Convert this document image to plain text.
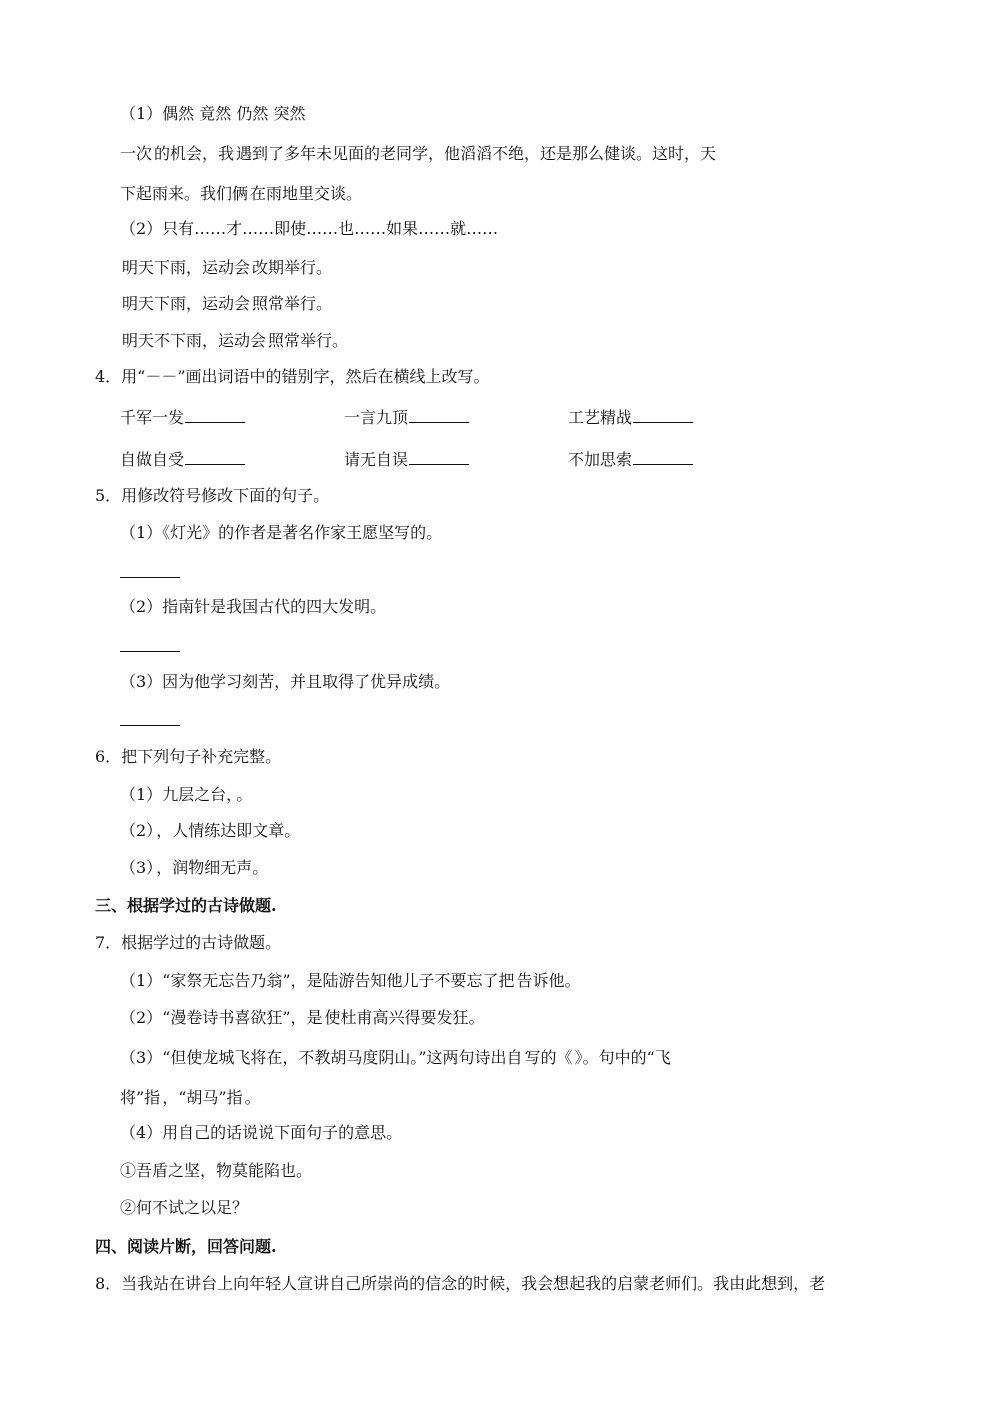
（1）偶然 竟然 仍然 突然
一次 的机会，我 遇到了多年未见面的老同学，他滔滔不绝，还是那么健谈。这时，天
下起雨来。我们俩 在雨地里交谈。
（2）只有……才……即使……也……如果……就……
明天下雨，运动会 改期举行。
明天下雨，运动会 照常举行。
明天不下雨，运动会 照常举行。
4．用“－－”画出词语中的错别字，然后在横线上改写。
千军一发	一言九顶	工艺精战
自做自受	请无自误	不加思索
5．用修改符号修改下面的句子。
（1）《灯光》的作者是著名作家王愿坚写的。
（2）指南针是我国古代的四大发明。
（3）因为他学习刻苦，并且取得了优异成绩。
6．把下列句子补充完整。
（1）九层之台， 。
（2） ，人情练达即文章。
（3） ，润物细无声。
三、根据学过的古诗做题.
7．根据学过的古诗做题。
（1）“家祭无忘告乃翁”，是陆游告知他儿子不要忘了把 告诉他。
（2）“漫卷诗书喜欲狂”，是 使杜甫高兴得要发狂。
（3）“但使龙城飞将在，不教胡马度阴山。”这两句诗出自 写的《 》。句中的“飞
将”指 ，“胡马”指 。
（4）用自己的话说说下面句子的意思。
①吾盾之坚，物莫能陷也。
②何不试之以足？
四、阅读片断，回答问题.
8．当我站在讲台上向年轻人宣讲自己所崇尚的信念的时候，我会想起我的启蒙老师们。我由此想到，老
